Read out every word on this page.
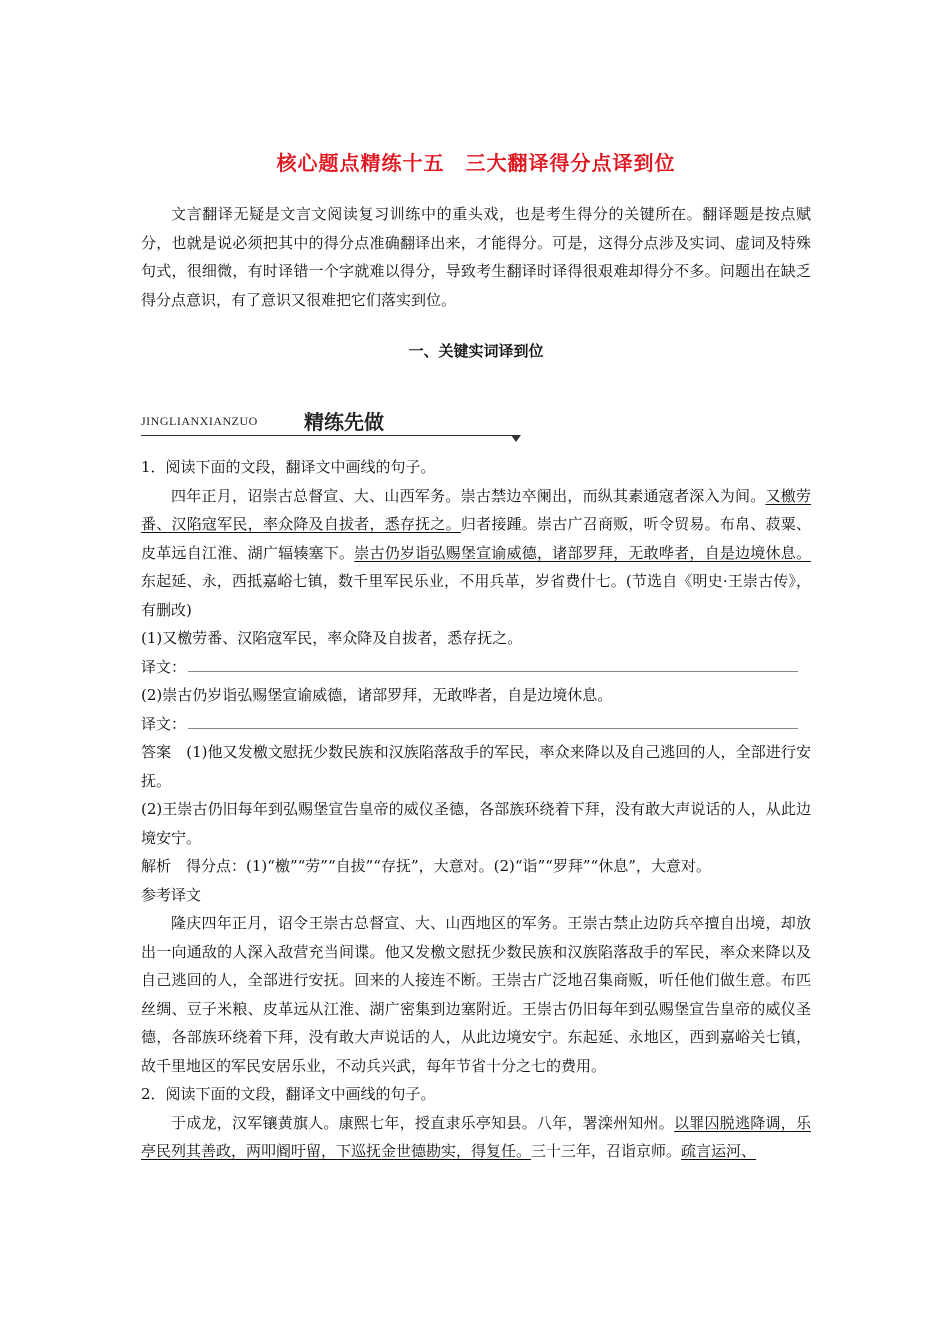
核心题点精练十五　三大翻译得分点译到位

文言翻译无疑是文言文阅读复习训练中的重头戏，也是考生得分的关键所在。翻译题是按点赋分，也就是说必须把其中的得分点准确翻译出来，才能得分。可是，这得分点涉及实词、虚词及特殊句式，很细微，有时译错一个字就难以得分，导致考生翻译时译得很艰难却得分不多。问题出在缺乏得分点意识，有了意识又很难把它们落实到位。

一、关键实词译到位
JINGLIANXIANZUO 精练先做

1．阅读下面的文段，翻译文中画线的句子。

四年正月，诏崇古总督宣、大、山西军务。崇古禁边卒阑出，而纵其素通寇者深入为间。又檄劳番、汉陷寇军民，率众降及自拔者，悉存抚之。归者接踵。崇古广召商贩，听令贸易。布帛、菽粟、皮革远自江淮、湖广辐辏塞下。崇古仍岁诣弘赐堡宣谕威德，诸部罗拜，无敢哗者，自是边境休息。东起延、永，西抵嘉峪七镇，数千里军民乐业，不用兵革，岁省费什七。(节选自《明史·王崇古传》，有删改)

(1)又檄劳番、汉陷寇军民，率众降及自拔者，悉存抚之。

译文：

(2)崇古仍岁诣弘赐堡宣谕威德，诸部罗拜，无敢哗者，自是边境休息。

译文：

答案　 (1)他又发檄文慰抚少数民族和汉族陷落敌手的军民，率众来降以及自己逃回的人，全部进行安抚。

(2)王崇古仍旧每年到弘赐堡宣告皇帝的威仪圣德，各部族环绕着下拜，没有敢大声说话的人，从此边境安宁。

解析　 得分点：(1)“檄”“劳”“自拔”“存抚”，大意对。(2)“诣”“罗拜”“休息”，大意对。

参考译文

隆庆四年正月，诏令王崇古总督宣、大、山西地区的军务。王崇古禁止边防兵卒擅自出境，却放出一向通敌的人深入敌营充当间谍。他又发檄文慰抚少数民族和汉族陷落敌手的军民，率众来降以及自己逃回的人，全部进行安抚。回来的人接连不断。王崇古广泛地召集商贩，听任他们做生意。布匹丝绸、豆子米粮、皮革远从江淮、湖广密集到边塞附近。王崇古仍旧每年到弘赐堡宣告皇帝的威仪圣德，各部族环绕着下拜，没有敢大声说话的人，从此边境安宁。东起延、永地区，西到嘉峪关七镇，故千里地区的军民安居乐业，不动兵兴武，每年节省十分之七的费用。

2．阅读下面的文段，翻译文中画线的句子。

于成龙，汉军镶黄旗人。康熙七年，授直隶乐亭知县。八年，署滦州知州。以罪囚脱逃降调，乐亭民列其善政，两叩阍吁留，下巡抚金世德勘实，得复任。三十三年，召诣京师。疏言运河、
